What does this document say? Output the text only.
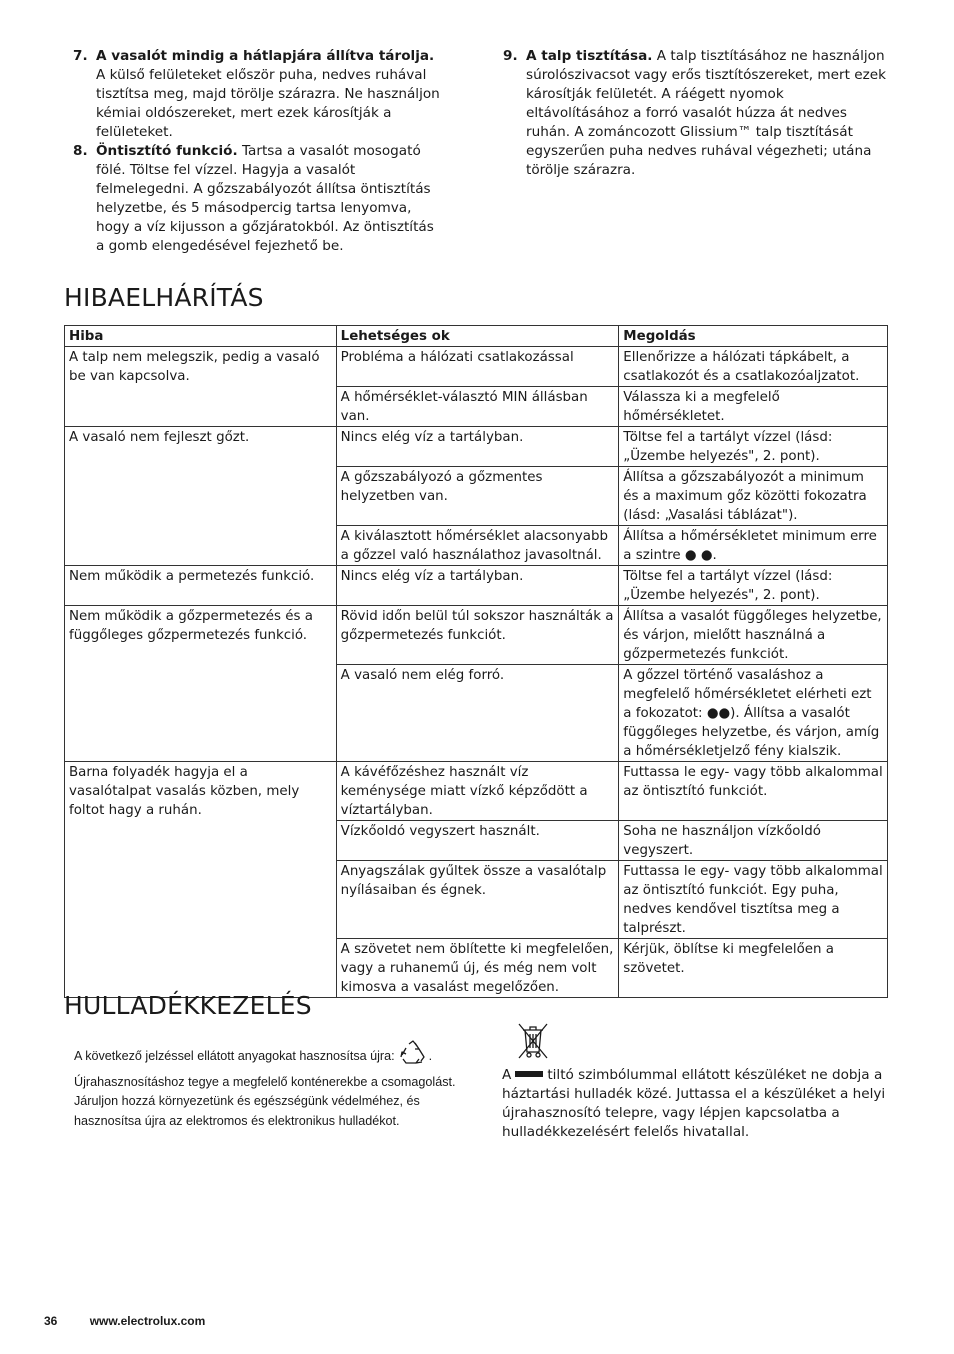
7. A vasalót mindig a hátlapjára állítva tárolja. A külső felületeket először puha, nedves ruhával tisztítsa meg, majd törölje szárazra. Ne használjon kémiai oldószereket, mert ezek károsítják a felületeket.
8. Öntisztító funkció. Tartsa a vasalót mosogató fölé. Töltse fel vízzel. Hagyja a vasalót felmelegedni. A gőzszabályozót állítsa öntisztítás helyzetbe, és 5 másodpercig tartsa lenyomva, hogy a víz kijusson a gőzjáratokból. Az öntisztítás a gomb elengedésével fejezhető be.
9. A talp tisztítása. A talp tisztításához ne használjon súrolószivacsot vagy erős tisztítószereket, mert ezek károsítják felületét. A ráégett nyomok eltávolításához a forró vasalót húzza át nedves ruhán. A zománcozott Glissium™ talp tisztítását egyszerűen puha nedves ruhával végezheti; utána törölje szárazra.
HIBAELHÁRÍTÁS
Hiba	Lehetséges ok	Megoldás
A talp nem melegszik, pedig a vasaló be van kapcsolva.	Probléma a hálózati csatlakozással	Ellenőrizze a hálózati tápkábelt, a csatlakozót és a csatlakozóaljzatot.
	A hőmérséklet-választó MIN állásban van.	Válassza ki a megfelelő hőmérsékletet.
A vasaló nem fejleszt gőzt.	Nincs elég víz a tartályban.	Töltse fel a tartályt vízzel (lásd: „Üzembe helyezés", 2. pont).
	A gőzszabályozó a gőzmentes helyzetben van.	Állítsa a gőzszabályozót a minimum és a maximum gőz közötti fokozatra (lásd: „Vasalási táblázat").
	A kiválasztott hőmérséklet alacsonyabb a gőzzel való használathoz javasoltnál.	Állítsa a hőmérsékletet minimum erre a szintre ● ●.
Nem működik a permetezés funkció.	Nincs elég víz a tartályban.	Töltse fel a tartályt vízzel (lásd: „Üzembe helyezés", 2. pont).
Nem működik a gőzpermetezés és a függőleges gőzpermetezés funkció.	Rövid időn belül túl sokszor használták a gőzpermetezés funkciót.	Állítsa a vasalót függőleges helyzetbe, és várjon, mielőtt használná a gőzpermetezés funkciót.
	A vasaló nem elég forró.	A gőzzel történő vasaláshoz a megfelelő hőmérsékletet elérheti ezt a fokozatot: ●●). Állítsa a vasalót függőleges helyzetbe, és várjon, amíg a hőmérsékletjelző fény kialszik.
Barna folyadék hagyja el a vasalótalpat vasalás közben, mely foltot hagy a ruhán.	A kávéfőzéshez használt víz keménysége miatt vízkő képződött a víztartályban.	Futtassa le egy- vagy több alkalommal az öntisztító funkciót.
	Vízkőoldó vegyszert használt.	Soha ne használjon vízkőoldó vegyszert.
	Anyagszálak gyűltek össze a vasalótalp nyílásaiban és égnek.	Futtassa le egy- vagy több alkalommal az öntisztító funkciót. Egy puha, nedves kendővel tisztítsa meg a talprészt.
	A szövetet nem öblítette ki megfelelően, vagy a ruhanemű új, és még nem volt kimosva a vasalást megelőzően.	Kérjük, öblítse ki megfelelően a szövetet.
HULLADÉKKEZELÉS
A következő jelzéssel ellátott anyagokat hasznosítsa újra:	. Újrahasznosításhoz tegye a megfelelő konténerekbe a csomagolást. Járuljon hozzá környezetünk és egészségünk védelméhez, és hasznosítsa újra az elektromos és elektronikus hulladékot.
A	tiltó szimbólummal ellátott készüléket ne dobja a háztartási hulladék közé. Juttassa el a készüléket a helyi újrahasznosító telepre, vagy lépjen kapcsolatba a hulladékkezelésért felelős hivatallal.
36	www.electrolux.com
